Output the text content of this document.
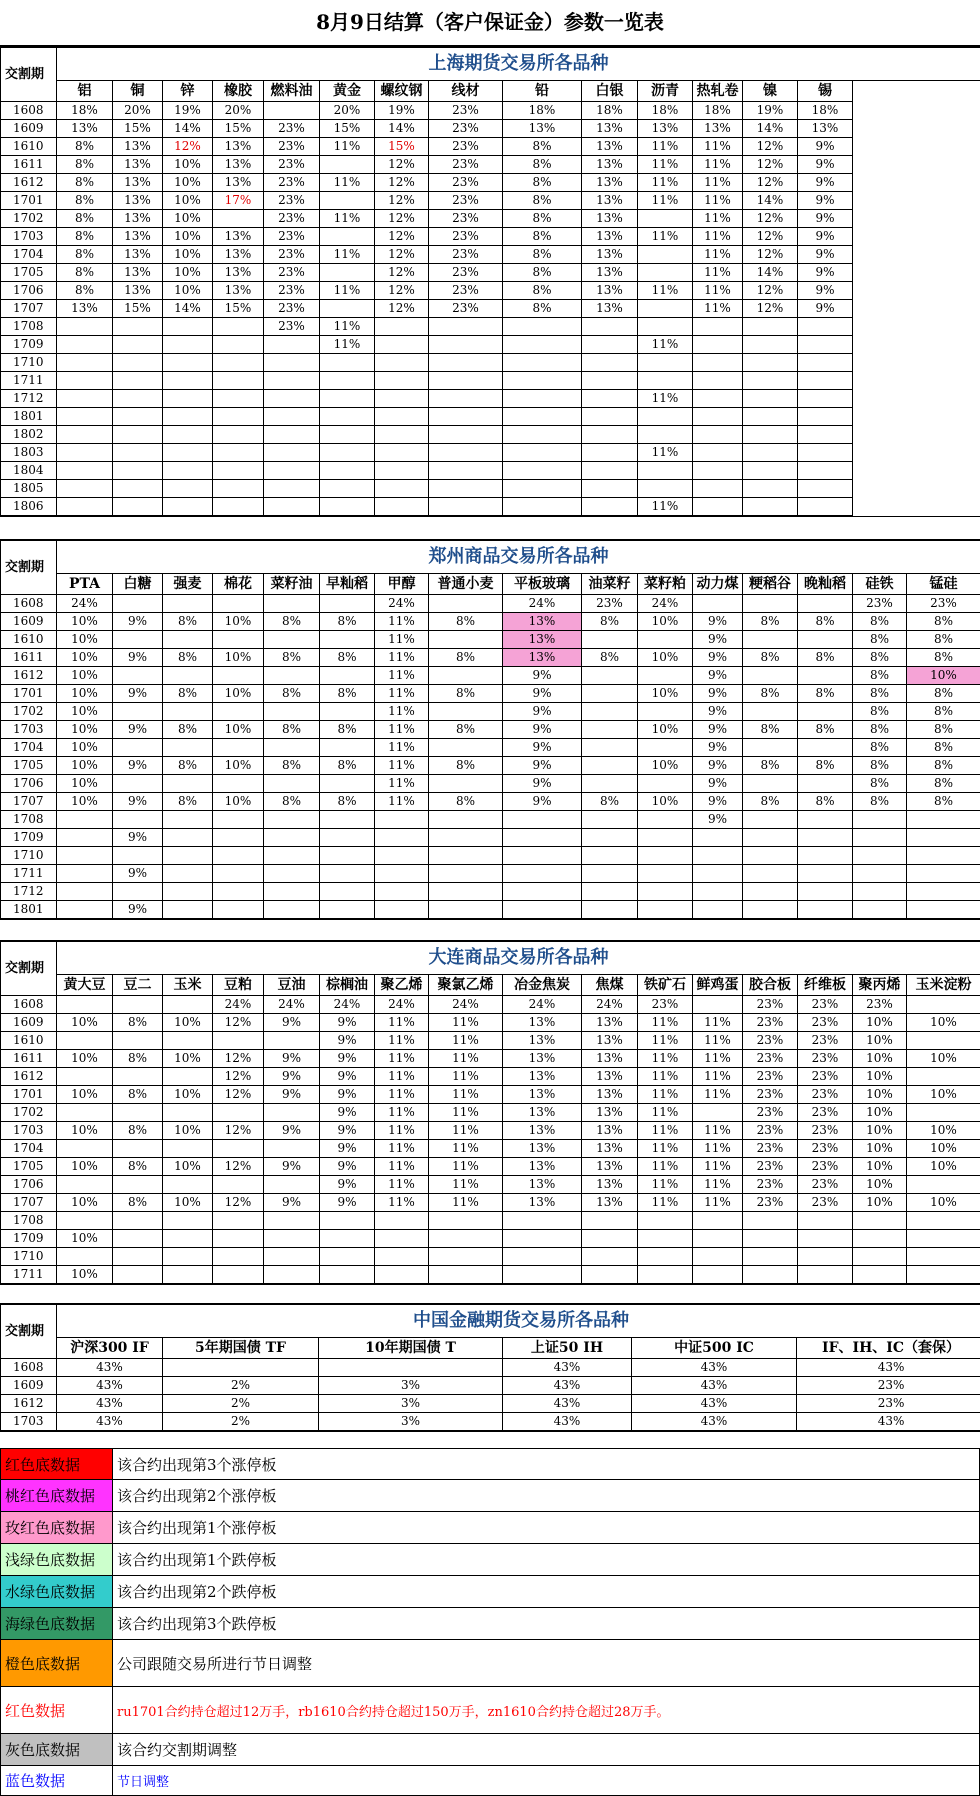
8月9日结算（客户保证金）参数一览表
交割期	上海期货交易所各品种														
	铝	铜	锌	橡胶	燃料油	黄金	螺纹钢	线材	铅	白银	沥青	热轧卷	镍	锡	
1608	18%	20%	19%	20%		20%	19%	23%	18%	18%	18%	18%	19%	18%	
1609	13%	15%	14%	15%	23%	15%	14%	23%	13%	13%	13%	13%	14%	13%	
1610	8%	13%	12%	13%	23%	11%	15%	23%	8%	13%	11%	11%	12%	9%	
1611	8%	13%	10%	13%	23%		12%	23%	8%	13%	11%	11%	12%	9%	
1612	8%	13%	10%	13%	23%	11%	12%	23%	8%	13%	11%	11%	12%	9%	
1701	8%	13%	10%	17%	23%		12%	23%	8%	13%	11%	11%	14%	9%	
1702	8%	13%	10%		23%	11%	12%	23%	8%	13%		11%	12%	9%	
1703	8%	13%	10%	13%	23%		12%	23%	8%	13%	11%	11%	12%	9%	
1704	8%	13%	10%	13%	23%	11%	12%	23%	8%	13%		11%	12%	9%	
1705	8%	13%	10%	13%	23%		12%	23%	8%	13%		11%	14%	9%	
1706	8%	13%	10%	13%	23%	11%	12%	23%	8%	13%	11%	11%	12%	9%	
1707	13%	15%	14%	15%	23%		12%	23%	8%	13%		11%	12%	9%	
1708					23%	11%									
1709						11%					11%				
1710															
1711															
1712											11%				
1801															
1802															
1803											11%				
1804															
1805															
1806											11%				
交割期	郑州商品交易所各品种															
	PTA	白糖	强麦	棉花	菜籽油	早籼稻	甲醇	普通小麦	平板玻璃	油菜籽	菜籽粕	动力煤	粳稻谷	晚籼稻	硅铁	锰硅
1608	24%						24%		24%	23%	24%				23%	23%
1609	10%	9%	8%	10%	8%	8%	11%	8%	13%	8%	10%	9%	8%	8%	8%	8%
1610	10%						11%		13%			9%			8%	8%
1611	10%	9%	8%	10%	8%	8%	11%	8%	13%	8%	10%	9%	8%	8%	8%	8%
1612	10%						11%		9%			9%			8%	10%
1701	10%	9%	8%	10%	8%	8%	11%	8%	9%		10%	9%	8%	8%	8%	8%
1702	10%						11%		9%			9%			8%	8%
1703	10%	9%	8%	10%	8%	8%	11%	8%	9%		10%	9%	8%	8%	8%	8%
1704	10%						11%		9%			9%			8%	8%
1705	10%	9%	8%	10%	8%	8%	11%	8%	9%		10%	9%	8%	8%	8%	8%
1706	10%						11%		9%			9%			8%	8%
1707	10%	9%	8%	10%	8%	8%	11%	8%	9%	8%	10%	9%	8%	8%	8%	8%
1708												9%				
1709		9%														
1710																
1711		9%														
1712																
1801		9%														
交割期	大连商品交易所各品种															
	黄大豆	豆二	玉米	豆粕	豆油	棕榈油	聚乙烯	聚氯乙烯	冶金焦炭	焦煤	铁矿石	鲜鸡蛋	胶合板	纤维板	聚丙烯	玉米淀粉
1608				24%	24%	24%	24%	24%	24%	24%	23%		23%	23%	23%	
1609	10%	8%	10%	12%	9%	9%	11%	11%	13%	13%	11%	11%	23%	23%	10%	10%
1610						9%	11%	11%	13%	13%	11%	11%	23%	23%	10%	
1611	10%	8%	10%	12%	9%	9%	11%	11%	13%	13%	11%	11%	23%	23%	10%	10%
1612				12%	9%	9%	11%	11%	13%	13%	11%	11%	23%	23%	10%	
1701	10%	8%	10%	12%	9%	9%	11%	11%	13%	13%	11%	11%	23%	23%	10%	10%
1702						9%	11%	11%	13%	13%	11%		23%	23%	10%	
1703	10%	8%	10%	12%	9%	9%	11%	11%	13%	13%	11%	11%	23%	23%	10%	10%
1704						9%	11%	11%	13%	13%	11%	11%	23%	23%	10%	10%
1705	10%	8%	10%	12%	9%	9%	11%	11%	13%	13%	11%	11%	23%	23%	10%	10%
1706						9%	11%	11%	13%	13%	11%	11%	23%	23%	10%	
1707	10%	8%	10%	12%	9%	9%	11%	11%	13%	13%	11%	11%	23%	23%	10%	10%
1708																
1709	10%															
1710																
1711	10%															
交割期	中国金融期货交易所各品种					
	沪深300 IF	5年期国债 TF	10年期国债 T	上证50 IH	中证500 IC	IF、IH、IC（套保）
1608	43%			43%	43%	43%
1609	43%	2%	3%	43%	43%	23%
1612	43%	2%	3%	43%	43%	23%
1703	43%	2%	3%	43%	43%	43%
红色底数据	该合约出现第3个涨停板
桃红色底数据	该合约出现第2个涨停板
玫红色底数据	该合约出现第1个涨停板
浅绿色底数据	该合约出现第1个跌停板
水绿色底数据	该合约出现第2个跌停板
海绿色底数据	该合约出现第3个跌停板
橙色底数据	公司跟随交易所进行节日调整
红色数据	ru1701合约持仓超过12万手，rb1610合约持仓超过150万手，zn1610合约持仓超过28万手。
灰色底数据	该合约交割期调整
蓝色数据	节日调整
